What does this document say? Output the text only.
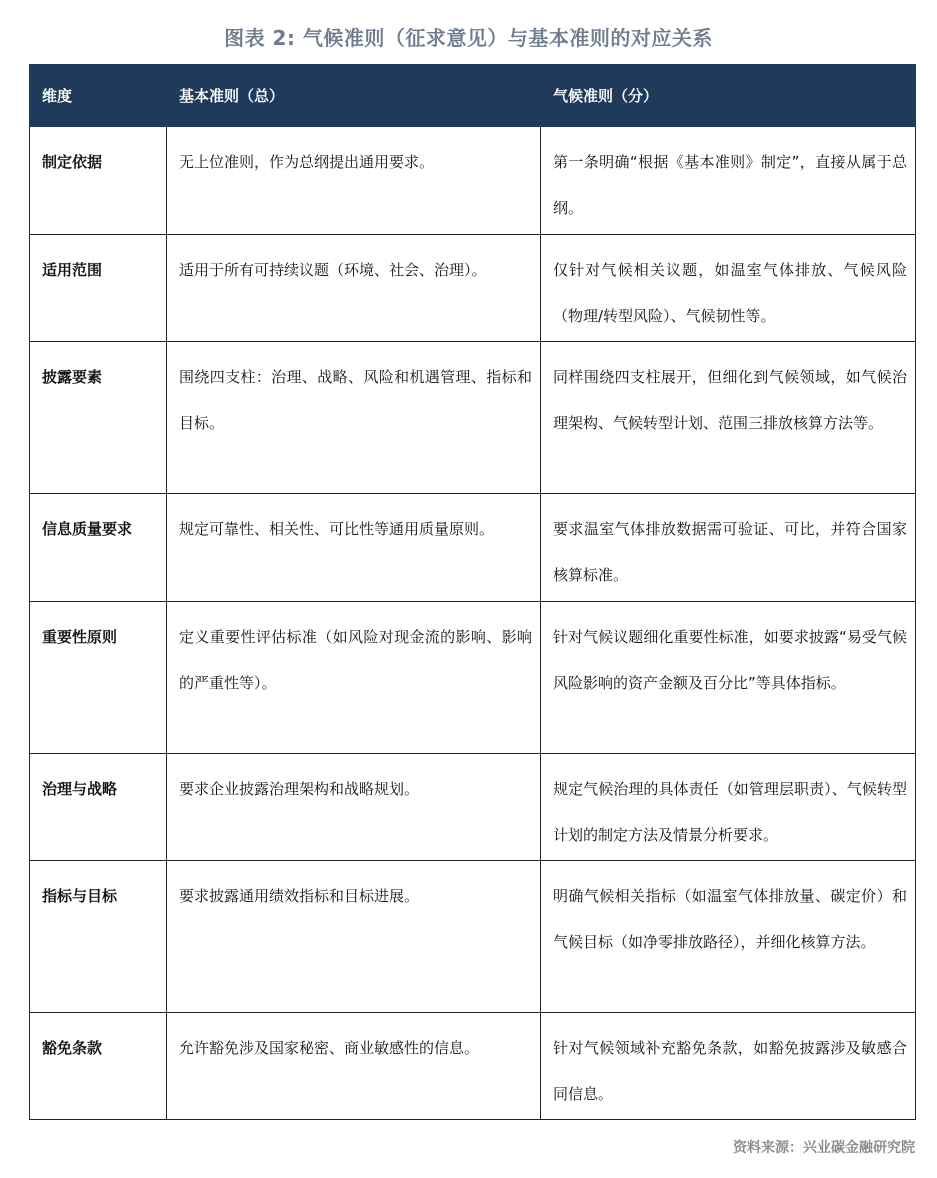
图表 2: 气候准则（征求意见）与基本准则的对应关系
维度	基本准则（总）	气候准则（分）

制定依据	无上位准则，作为总纲提出通用要求。	第一条明确“根据《基本准则》制定”，直接从属于总纲。

适用范围	适用于所有可持续议题（环境、社会、治理）。	仅针对气候相关议题，如温室气体排放、气候风险（物理/转型风险）、气候韧性等。

披露要素	围绕四支柱：治理、战略、风险和机遇管理、指标和目标。	同样围绕四支柱展开，但细化到气候领域，如气候治理架构、气候转型计划、范围三排放核算方法等。

信息质量要求	规定可靠性、相关性、可比性等通用质量原则。	要求温室气体排放数据需可验证、可比，并符合国家核算标准。

重要性原则	定义重要性评估标准（如风险对现金流的影响、影响的严重性等）。	针对气候议题细化重要性标准，如要求披露“易受气候风险影响的资产金额及百分比”等具体指标。

治理与战略	要求企业披露治理架构和战略规划。	规定气候治理的具体责任（如管理层职责）、气候转型计划的制定方法及情景分析要求。

指标与目标	要求披露通用绩效指标和目标进展。	明确气候相关指标（如温室气体排放量、碳定价）和气候目标（如净零排放路径），并细化核算方法。

豁免条款	允许豁免涉及国家秘密、商业敏感性的信息。	针对气候领域补充豁免条款，如豁免披露涉及敏感合同信息。
资料来源：兴业碳金融研究院
